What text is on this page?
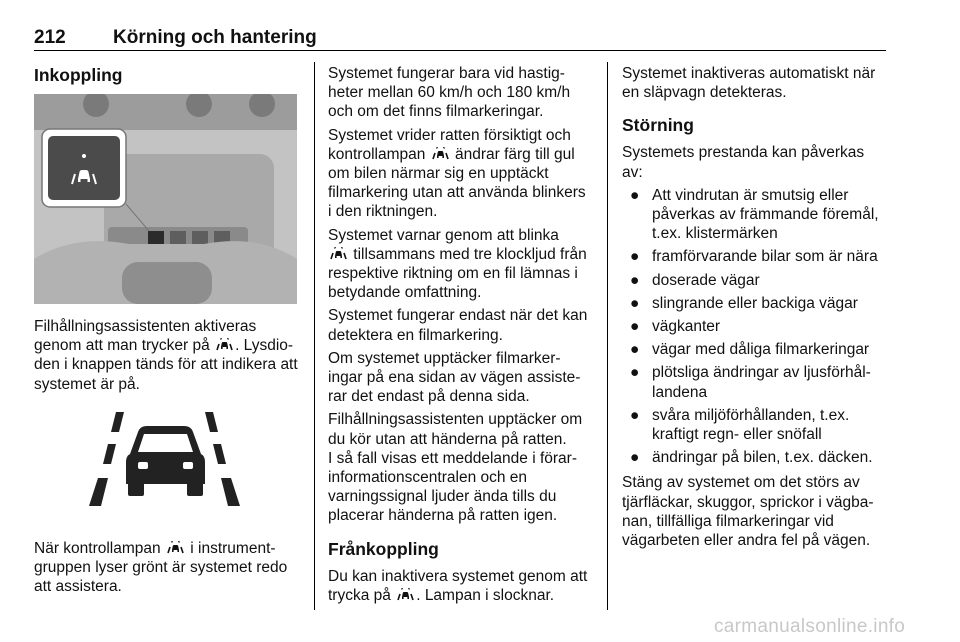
212 Körning och hantering
Inkoppling

Filhållningsassistenten aktiveras
genom att man trycker på . Lysdio-
den i knappen tänds för att indikera att
systemet är på.

När kontrollampan  i instrument-
gruppen lyser grönt är systemet redo
att assistera.

Systemet fungerar bara vid hastig-
heter mellan 60 km/h och 180 km/h
och om det finns filmarkeringar.

Systemet vrider ratten försiktigt och
kontrollampan  ändrar färg till gul
om bilen närmar sig en upptäckt
filmarkering utan att använda blinkers
i den riktningen.

Systemet varnar genom att blinka
tillsammans med tre klockljud från
respektive riktning om en fil lämnas i
betydande omfattning.

Systemet fungerar endast när det kan
detektera en filmarkering.

Om systemet upptäcker filmarker-
ingar på ena sidan av vägen assiste-
rar det endast på denna sida.

Filhållningsassistenten upptäcker om
du kör utan att händerna på ratten.
I så fall visas ett meddelande i förar-
informationscentralen och en
varningssignal ljuder ända tills du
placerar händerna på ratten igen.

Frånkoppling

Du kan inaktivera systemet genom att
trycka på . Lampan i slocknar.

Systemet inaktiveras automatiskt när
en släpvagn detekteras.

Störning

Systemets prestanda kan påverkas
av:

● Att vindrutan är smutsig eller
påverkas av främmande föremål,
t.ex. klistermärken
● framförvarande bilar som är nära
● doserade vägar
● slingrande eller backiga vägar
● vägkanter
● vägar med dåliga filmarkeringar
● plötsliga ändringar av ljusförhål-
landena
● svåra miljöförhållanden, t.ex.
kraftigt regn- eller snöfall
● ändringar på bilen, t.ex. däcken.

Stäng av systemet om det störs av
tjärfläckar, skuggor, sprickor i vägba-
nan, tillfälliga filmarkeringar vid
vägarbeten eller andra fel på vägen.

carmanualsonline.info
